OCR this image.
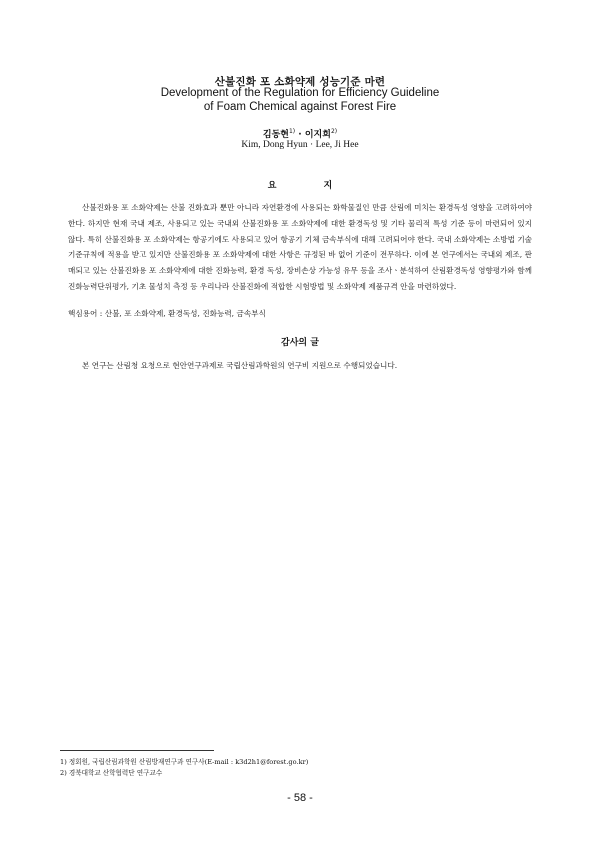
산불진화 포 소화약제 성능기준 마련
Development of the Regulation for Efficiency Guideline
of Foam Chemical against Forest Fire
김동현$^{1)}$ · 이지희$^{2)}$
Kim, Dong Hyun · Lee, Ji Hee
요 지

산불진화용 포 소화약제는 산불 진화효과 뿐만 아니라 자연환경에 사용되는 화학물질인 만큼 산림에 미치는 환경독성 영향을 고려하여야 한다. 하지만 현재 국내 제조, 사용되고 있는 국내외 산불진화용 포 소화약제에 대한 환경독성 및 기타 물리적 특성 기준 등이 마련되어 있지 않다. 특히 산불진화용 포 소화약제는 항공기에도 사용되고 있어 항공기 기체 금속부식에 대해 고려되어야 한다. 국내 소화약제는 소방법 기술기준규칙에 적용을 받고 있지만 산불진화용 포 소화약제에 대한 사항은 규정된 바 없어 기준이 전무하다. 이에 본 연구에서는 국내외 제조, 판매되고 있는 산불진화용 포 소화약제에 대한 진화능력, 환경 독성, 장비손상 가능성 유무 등을 조사ㆍ분석하여 산림환경독성 영향평가와 함께 진화능력단위평가, 기초 물성치 측정 등 우리나라 산불진화에 적합한 시험방법 및 소화약제 제품규격 안을 마련하였다.

핵심용어 : 산불, 포 소화약제, 환경독성, 진화능력, 금속부식

감사의 글

본 연구는 산림청 요청으로 현안연구과제로 국립산림과학원의 연구비 지원으로 수행되었습니다.

1) 정회원, 국립산림과학원 산림방재연구과 연구사(E-mail : k3d2h1@forest.go.kr)
2) 경북대학교 산학협력단 연구교수
- 58 -
